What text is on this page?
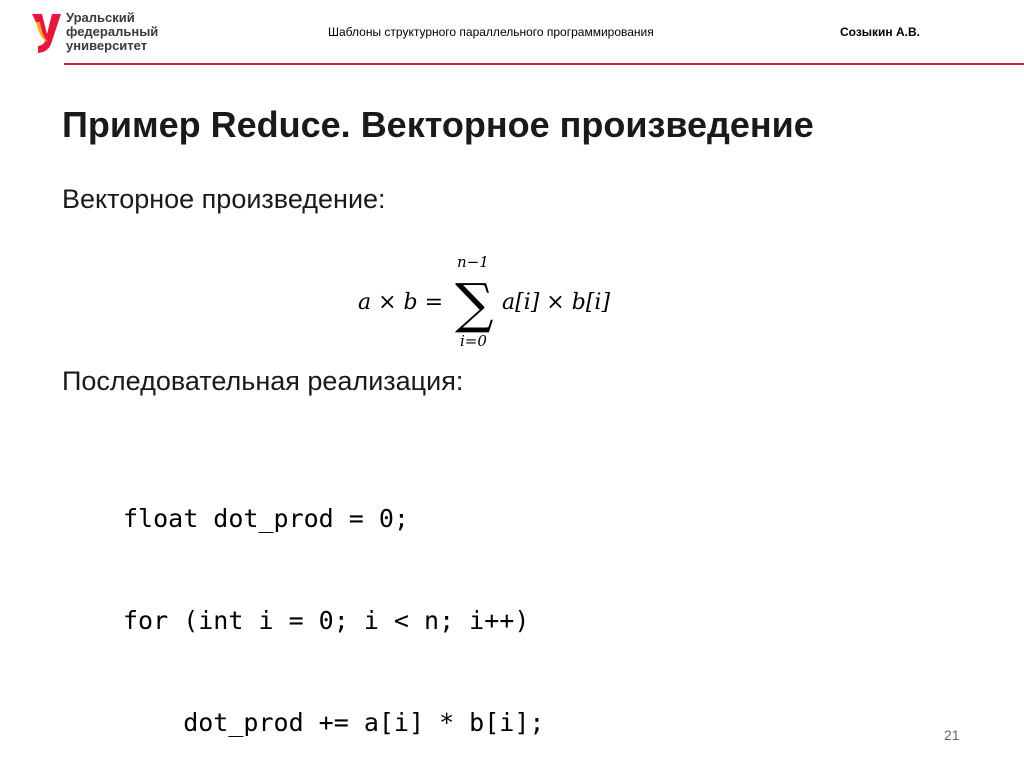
Уральский
федеральный
университет
Шаблоны структурного параллельного программирования	Созыкин А.В.
Пример Reduce. Векторное произведение
Векторное произведение:
a × b =
n−1
∑
i=0
a[i] × b[i]
Последовательная реализация:

float dot_prod = 0;

for (int i = 0; i < n; i++)

dot_prod += a[i] * b[i];	21
